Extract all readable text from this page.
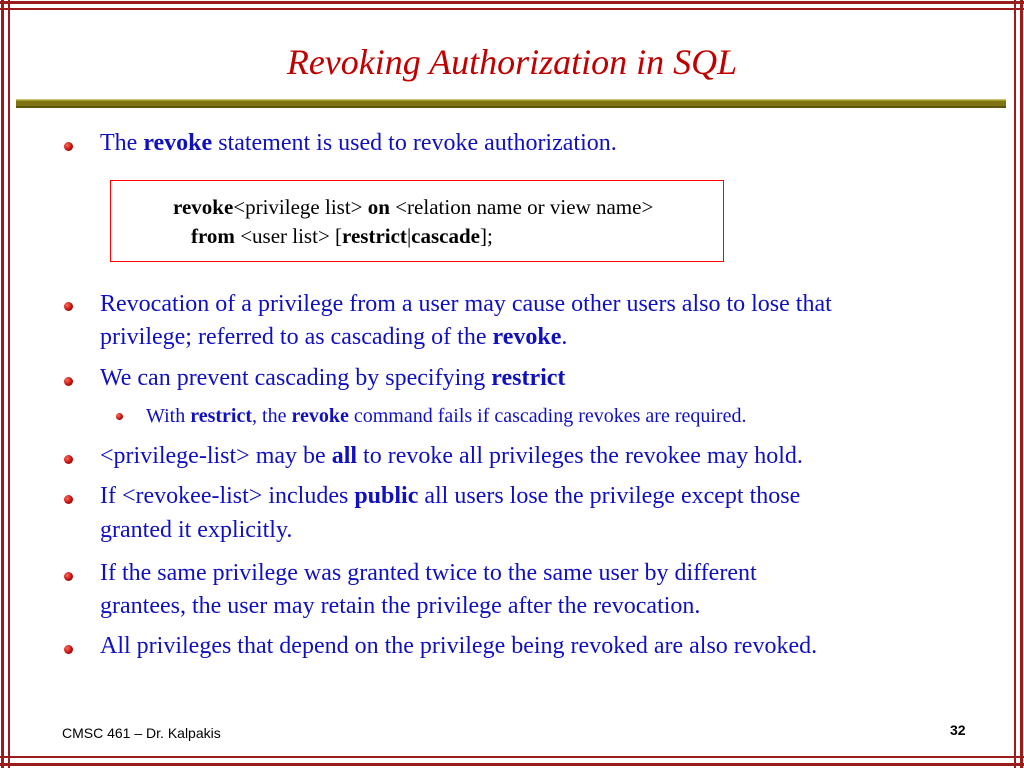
Revoking Authorization in SQL
The revoke statement is used to revoke authorization.
revoke<privilege list> on <relation name or view name>
from <user list> [restrict|cascade];
Revocation of a privilege from a user may cause other users also to lose that
privilege; referred to as cascading of the revoke.
We can prevent cascading by specifying restrict
With restrict, the revoke command fails if cascading revokes are required.
<privilege-list> may be all to revoke all privileges the revokee may hold.
If <revokee-list> includes public all users lose the privilege except those
granted it explicitly.
If the same privilege was granted twice to the same user by different
grantees, the user may retain the privilege after the revocation.
All privileges that depend on the privilege being revoked are also revoked.
CMSC 461 – Dr. Kalpakis	32
